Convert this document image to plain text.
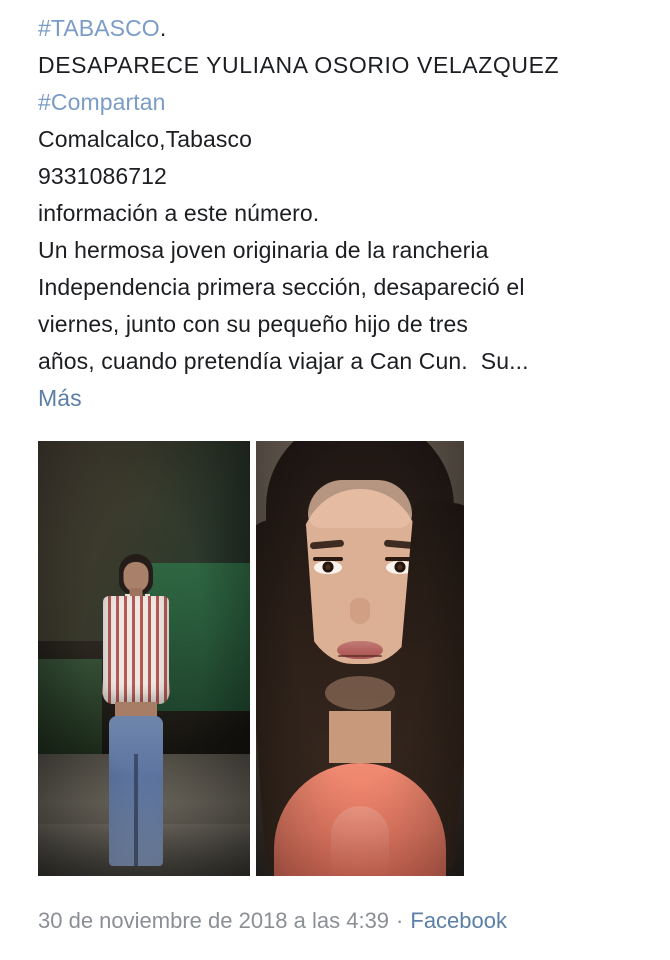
#TABASCO.
DESAPARECE YULIANA OSORIO VELAZQUEZ
#Compartan
Comalcalco,Tabasco
9331086712
información a este número.
Un hermosa joven originaria de la rancheria
Independencia primera sección, desapareció el
viernes, junto con su pequeño hijo de tres
años, cuando pretendía viajar a Can Cun.  Su...
Más
30 de noviembre de 2018 a las 4:39 · Facebook
